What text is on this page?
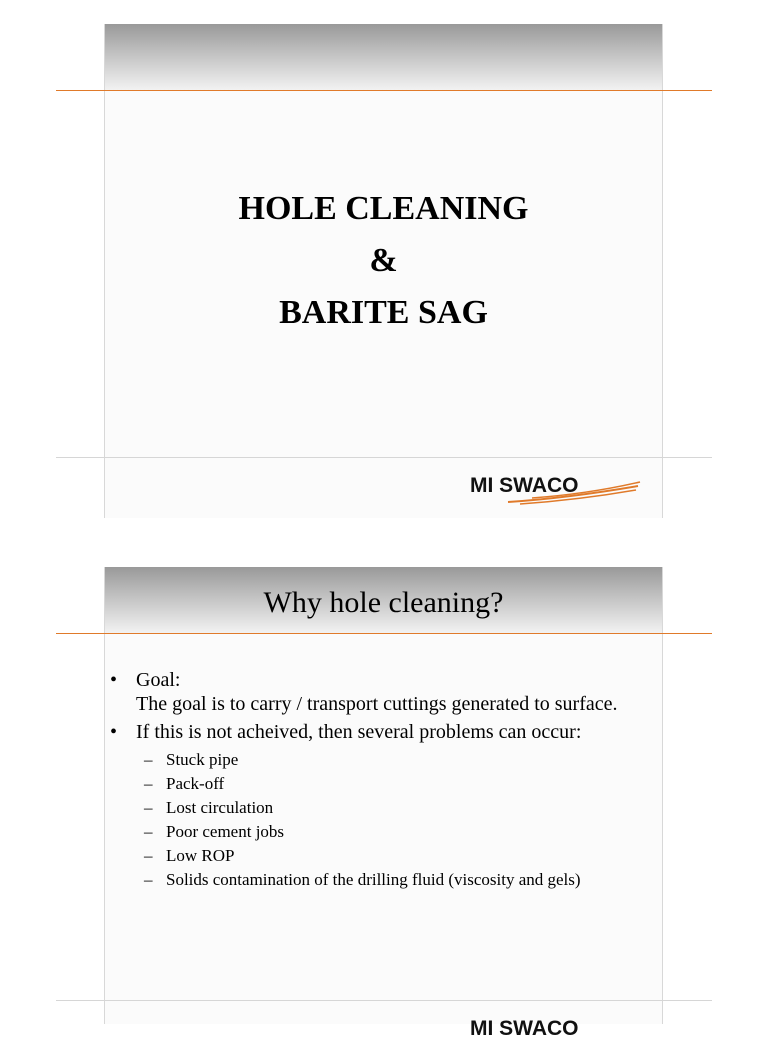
HOLE CLEANING
&
BARITE SAG
MI SWACO
Why hole cleaning?
• Goal:
The goal is to carry / transport cuttings generated to surface.
• If this is not acheived, then several problems can occur:
– Stuck pipe
– Pack-off
– Lost circulation
– Poor cement jobs
– Low ROP
– Solids contamination of the drilling fluid (viscosity and gels)
MI SWACO
